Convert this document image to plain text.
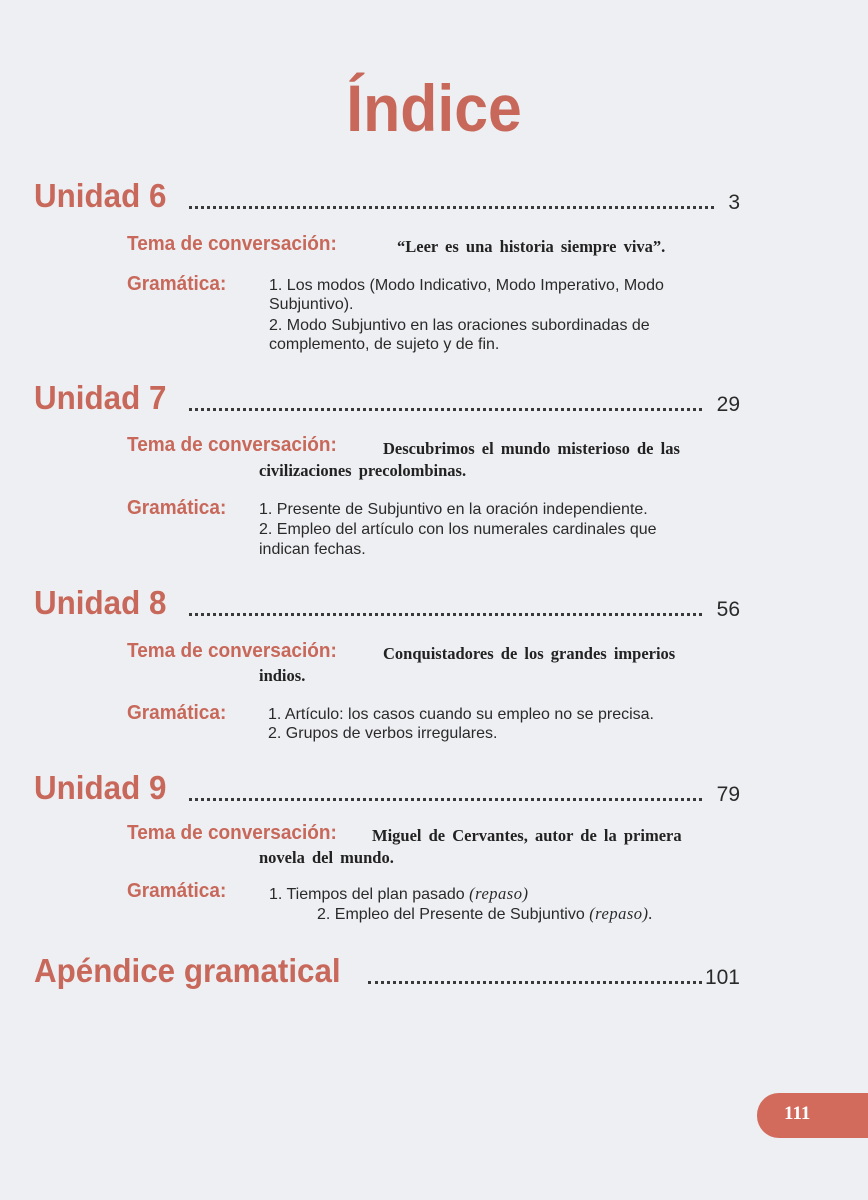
Índice
Unidad 6	3
Tema de conversación:	“Leer es una historia siempre viva”.
Gramática:	1. Los modos (Modo Indicativo, Modo Imperativo, Modo
Subjuntivo).
2. Modo Subjuntivo en las oraciones subordinadas de
complemento, de sujeto y de fin.
Unidad 7	29
Tema de conversación:	Descubrimos el mundo misterioso de las
civilizaciones precolombinas.
Gramática: 1. Presente de Subjuntivo en la oración independiente.
2. Empleo del artículo con los numerales cardinales que
indican fechas.
Unidad 8	56
Tema de conversación:	Conquistadores de los grandes imperios
indios.
Gramática:	1. Artículo: los casos cuando su empleo no se precisa.
2. Grupos de verbos irregulares.
Unidad 9	79
Tema de conversación: Miguel de Cervantes, autor de la primera
novela del mundo.
Gramática:	1. Tiempos del plan pasado (repaso)
2. Empleo del Presente de Subjuntivo (repaso).
Apéndice gramatical	101
111
